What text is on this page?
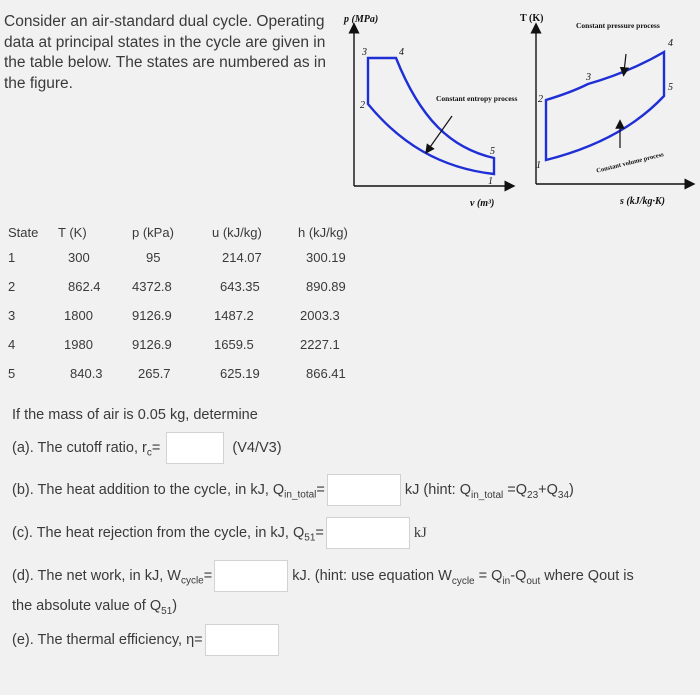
Consider an air-standard dual cycle. Operating data at principal states in the cycle are given in the table below. The states are numbered as in the figure.

p (MPa)
v (m³)
3	4
2
5
1
Constant entropy process
T (K)
s (kJ/kg·K)
Constant pressure process
Constant volume process
3
4
2
5
1
State	T (K)	p (kPa)	u (kJ/kg)	h (kJ/kg)
1	300	95	214.07	300.19
2	862.4	4372.8	643.35	890.89
3	1800	9126.9	1487.2	2003.3
4	1980	9126.9	1659.5	2227.1
5	840.3	265.7	625.19	866.41
If the mass of air is 0.05 kg, determine
(a). The cutoff ratio, $r_c=$	(V4/V3)
(b). The heat addition to the cycle, in kJ, $Q_{in\_total}=$	kJ (hint: $Q_{in\_total} =Q_{23}+Q_{34}$)
(c). The heat rejection from the cycle, in kJ, $Q_{51}=$	kJ
(d). The net work, in kJ, $W_{cycle}=$	kJ. (hint: use equation $W_{cycle} = Q_{in}-Q_{out}$ where Qout is
the absolute value of $Q_{51}$)
(e). The thermal efficiency, η=
